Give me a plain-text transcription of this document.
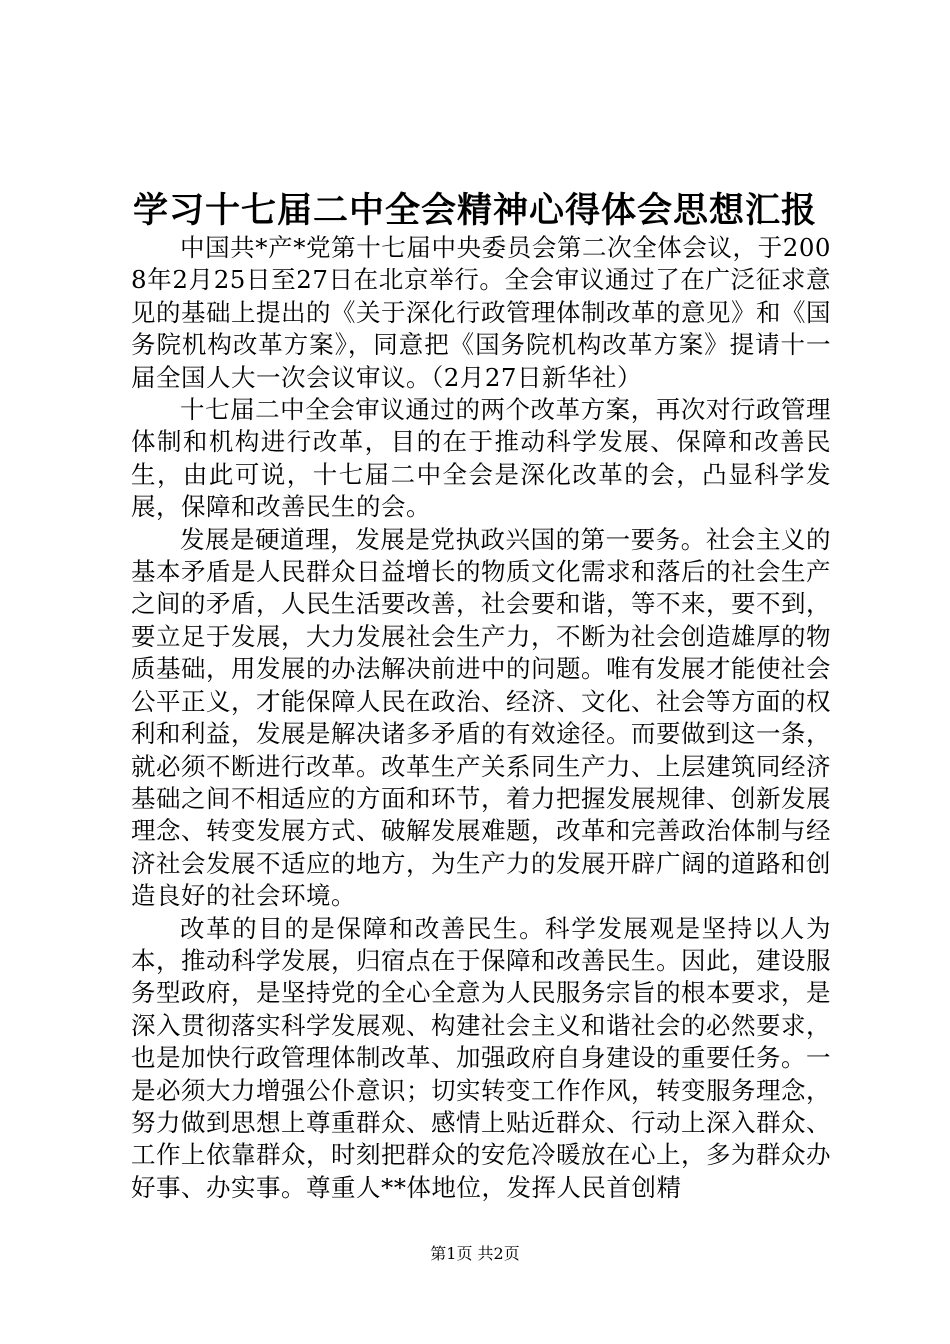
学习十七届二中全会精神心得体会思想汇报

中国共*产*党第十七届中央委员会第二次全体会议，于2008年2月25日至27日在北京举行。全会审议通过了在广泛征求意见的基础上提出的《关于深化行政管理体制改革的意见》和《国务院机构改革方案》，同意把《国务院机构改革方案》提请十一届全国人大一次会议审议。（2月27日新华社）

十七届二中全会审议通过的两个改革方案，再次对行政管理体制和机构进行改革，目的在于推动科学发展、保障和改善民生，由此可说，十七届二中全会是深化改革的会，凸显科学发展，保障和改善民生的会。

发展是硬道理，发展是党执政兴国的第一要务。社会主义的基本矛盾是人民群众日益增长的物质文化需求和落后的社会生产之间的矛盾，人民生活要改善，社会要和谐，等不来，要不到，要立足于发展，大力发展社会生产力，不断为社会创造雄厚的物质基础，用发展的办法解决前进中的问题。唯有发展才能使社会公平正义，才能保障人民在政治、经济、文化、社会等方面的权利和利益，发展是解决诸多矛盾的有效途径。而要做到这一条，就必须不断进行改革。改革生产关系同生产力、上层建筑同经济基础之间不相适应的方面和环节，着力把握发展规律、创新发展理念、转变发展方式、破解发展难题，改革和完善政治体制与经济社会发展不适应的地方，为生产力的发展开辟广阔的道路和创造良好的社会环境。

改革的目的是保障和改善民生。科学发展观是坚持以人为本，推动科学发展，归宿点在于保障和改善民生。因此，建设服务型政府，是坚持党的全心全意为人民服务宗旨的根本要求，是深入贯彻落实科学发展观、构建社会主义和谐社会的必然要求，也是加快行政管理体制改革、加强政府自身建设的重要任务。一是必须大力增强公仆意识；切实转变工作作风，转变服务理念，努力做到思想上尊重群众、感情上贴近群众、行动上深入群众、工作上依靠群众，时刻把群众的安危冷暖放在心上，多为群众办好事、办实事。尊重人**体地位，发挥人民首创精

第1页 共2页
